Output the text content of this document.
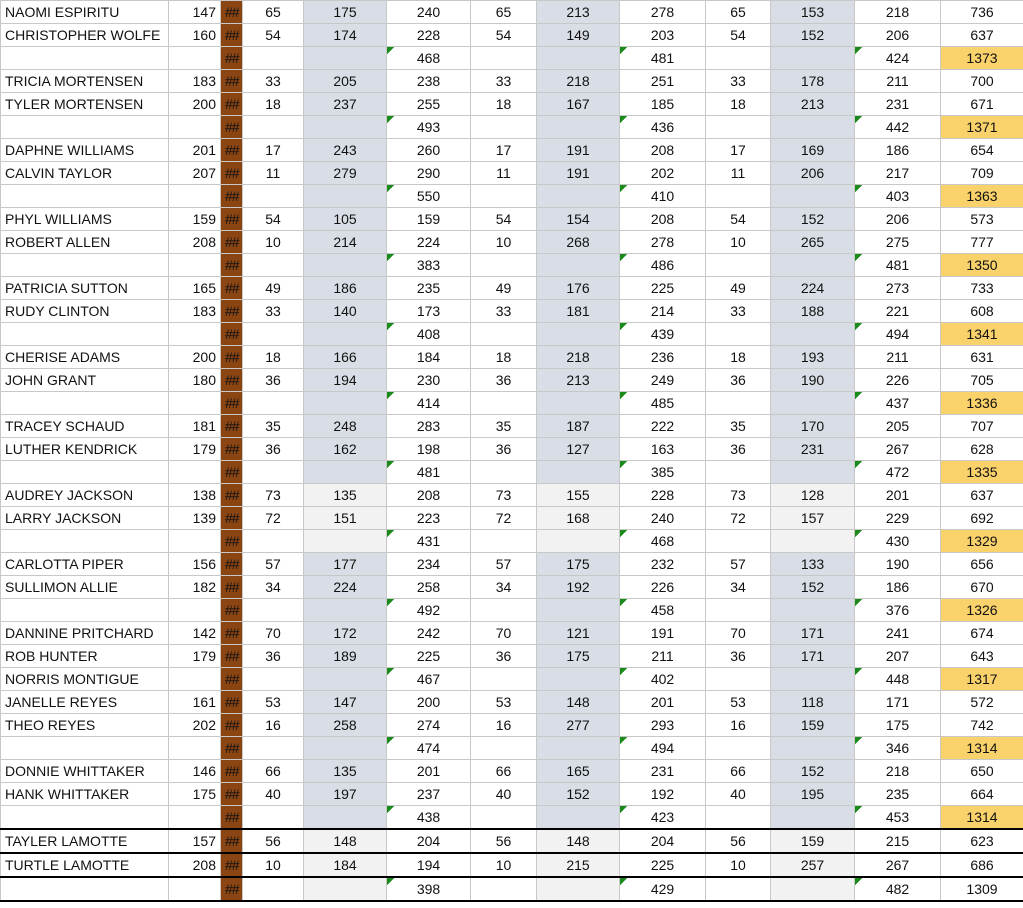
NAOMI ESPIRITU	147	##	65	175	240	65	213	278	65	153	218	736
CHRISTOPHER WOLFE	160	##	54	174	228	54	149	203	54	152	206	637
		##			468			481			424	1373
TRICIA MORTENSEN	183	##	33	205	238	33	218	251	33	178	211	700
TYLER MORTENSEN	200	##	18	237	255	18	167	185	18	213	231	671
		##			493			436			442	1371
DAPHNE WILLIAMS	201	##	17	243	260	17	191	208	17	169	186	654
CALVIN TAYLOR	207	##	11	279	290	11	191	202	11	206	217	709
		##			550			410			403	1363
PHYL WILLIAMS	159	##	54	105	159	54	154	208	54	152	206	573
ROBERT ALLEN	208	##	10	214	224	10	268	278	10	265	275	777
		##			383			486			481	1350
PATRICIA SUTTON	165	##	49	186	235	49	176	225	49	224	273	733
RUDY CLINTON	183	##	33	140	173	33	181	214	33	188	221	608
		##			408			439			494	1341
CHERISE ADAMS	200	##	18	166	184	18	218	236	18	193	211	631
JOHN GRANT	180	##	36	194	230	36	213	249	36	190	226	705
		##			414			485			437	1336
TRACEY SCHAUD	181	##	35	248	283	35	187	222	35	170	205	707
LUTHER KENDRICK	179	##	36	162	198	36	127	163	36	231	267	628
		##			481			385			472	1335
AUDREY JACKSON	138	##	73	135	208	73	155	228	73	128	201	637
LARRY JACKSON	139	##	72	151	223	72	168	240	72	157	229	692
		##			431			468			430	1329
CARLOTTA PIPER	156	##	57	177	234	57	175	232	57	133	190	656
SULLIMON ALLIE	182	##	34	224	258	34	192	226	34	152	186	670
		##			492			458			376	1326
DANNINE PRITCHARD	142	##	70	172	242	70	121	191	70	171	241	674
ROB HUNTER	179	##	36	189	225	36	175	211	36	171	207	643
NORRIS MONTIGUE		##			467			402			448	1317
JANELLE REYES	161	##	53	147	200	53	148	201	53	118	171	572
THEO REYES	202	##	16	258	274	16	277	293	16	159	175	742
		##			474			494			346	1314
DONNIE WHITTAKER	146	##	66	135	201	66	165	231	66	152	218	650
HANK WHITTAKER	175	##	40	197	237	40	152	192	40	195	235	664
		##			438			423			453	1314
TAYLER LAMOTTE	157	##	56	148	204	56	148	204	56	159	215	623
TURTLE LAMOTTE	208	##	10	184	194	10	215	225	10	257	267	686
		##			398			429			482	1309
